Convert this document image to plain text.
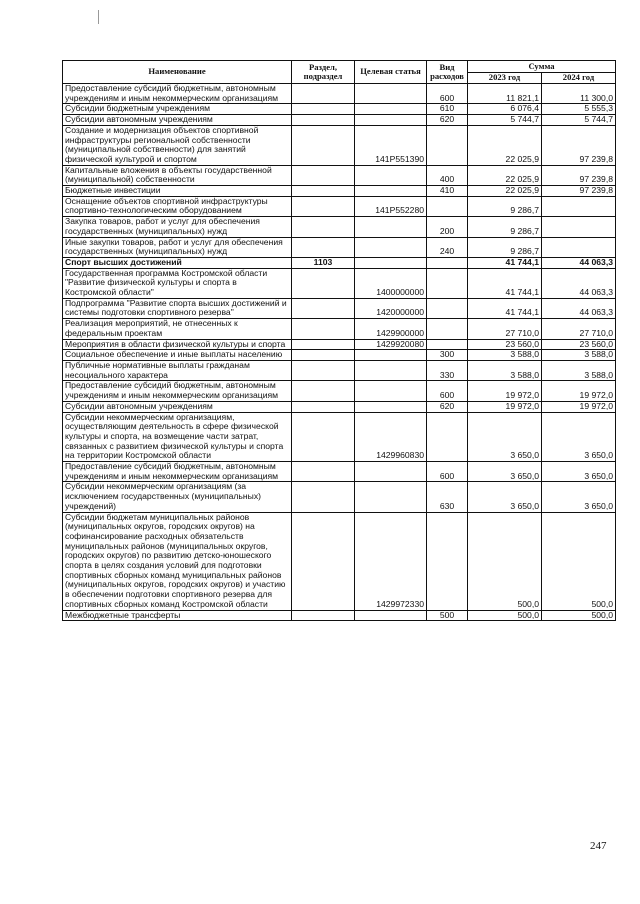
Наименование	Раздел, подраздел	Целевая статья	Вид расходов	Сумма	
				2023 год	2024 год
Предоставление субсидий бюджетным, автономным учреждениям и иным некоммерческим организациям			600	11 821,1	11 300,0
Субсидии бюджетным учреждениям			610	6 076,4	5 555,3
Субсидии автономным учреждениям			620	5 744,7	5 744,7
Создание и модернизация объектов спортивной инфраструктуры региональной собственности (муниципальной собственности) для занятий физической культурой и спортом		141P551390		22 025,9	97 239,8
Капитальные вложения в объекты государственной (муниципальной) собственности			400	22 025,9	97 239,8
Бюджетные инвестиции			410	22 025,9	97 239,8
Оснащение объектов спортивной инфраструктуры спортивно-технологическим оборудованием		141P552280		9 286,7	
Закупка товаров, работ и услуг для обеспечения государственных (муниципальных) нужд			200	9 286,7	
Иные закупки товаров, работ и услуг для обеспечения государственных (муниципальных) нужд			240	9 286,7	
Спорт высших достижений	1103			41 744,1	44 063,3
Государственная программа Костромской области "Развитие физической культуры и спорта в Костромской области"		1400000000		41 744,1	44 063,3
Подпрограмма "Развитие спорта высших достижений и системы подготовки спортивного резерва"		1420000000		41 744,1	44 063,3
Реализация мероприятий, не отнесенных к федеральным проектам		1429900000		27 710,0	27 710,0
Мероприятия в области физической культуры и спорта		1429920080		23 560,0	23 560,0
Социальное обеспечение и иные выплаты населению			300	3 588,0	3 588,0
Публичные нормативные выплаты гражданам несоциального характера			330	3 588,0	3 588,0
Предоставление субсидий бюджетным, автономным учреждениям и иным некоммерческим организациям			600	19 972,0	19 972,0
Субсидии автономным учреждениям			620	19 972,0	19 972,0
Субсидии некоммерческим организациям, осуществляющим деятельность в сфере физической культуры и спорта, на возмещение части затрат, связанных с развитием физической культуры и спорта на территории Костромской области		1429960830		3 650,0	3 650,0
Предоставление субсидий бюджетным, автономным учреждениям и иным некоммерческим организациям			600	3 650,0	3 650,0
Субсидии некоммерческим организациям (за исключением государственных (муниципальных) учреждений)			630	3 650,0	3 650,0
Субсидии бюджетам муниципальных районов (муниципальных округов, городских округов) на софинансирование расходных обязательств муниципальных районов (муниципальных округов, городских округов) по развитию детско-юношеского спорта в целях создания условий для подготовки спортивных сборных команд муниципальных районов (муниципальных округов, городских округов) и участию в обеспечении подготовки спортивного резерва для спортивных сборных команд Костромской области		1429972330		500,0	500,0
Межбюджетные трансферты			500	500,0	500,0
247
